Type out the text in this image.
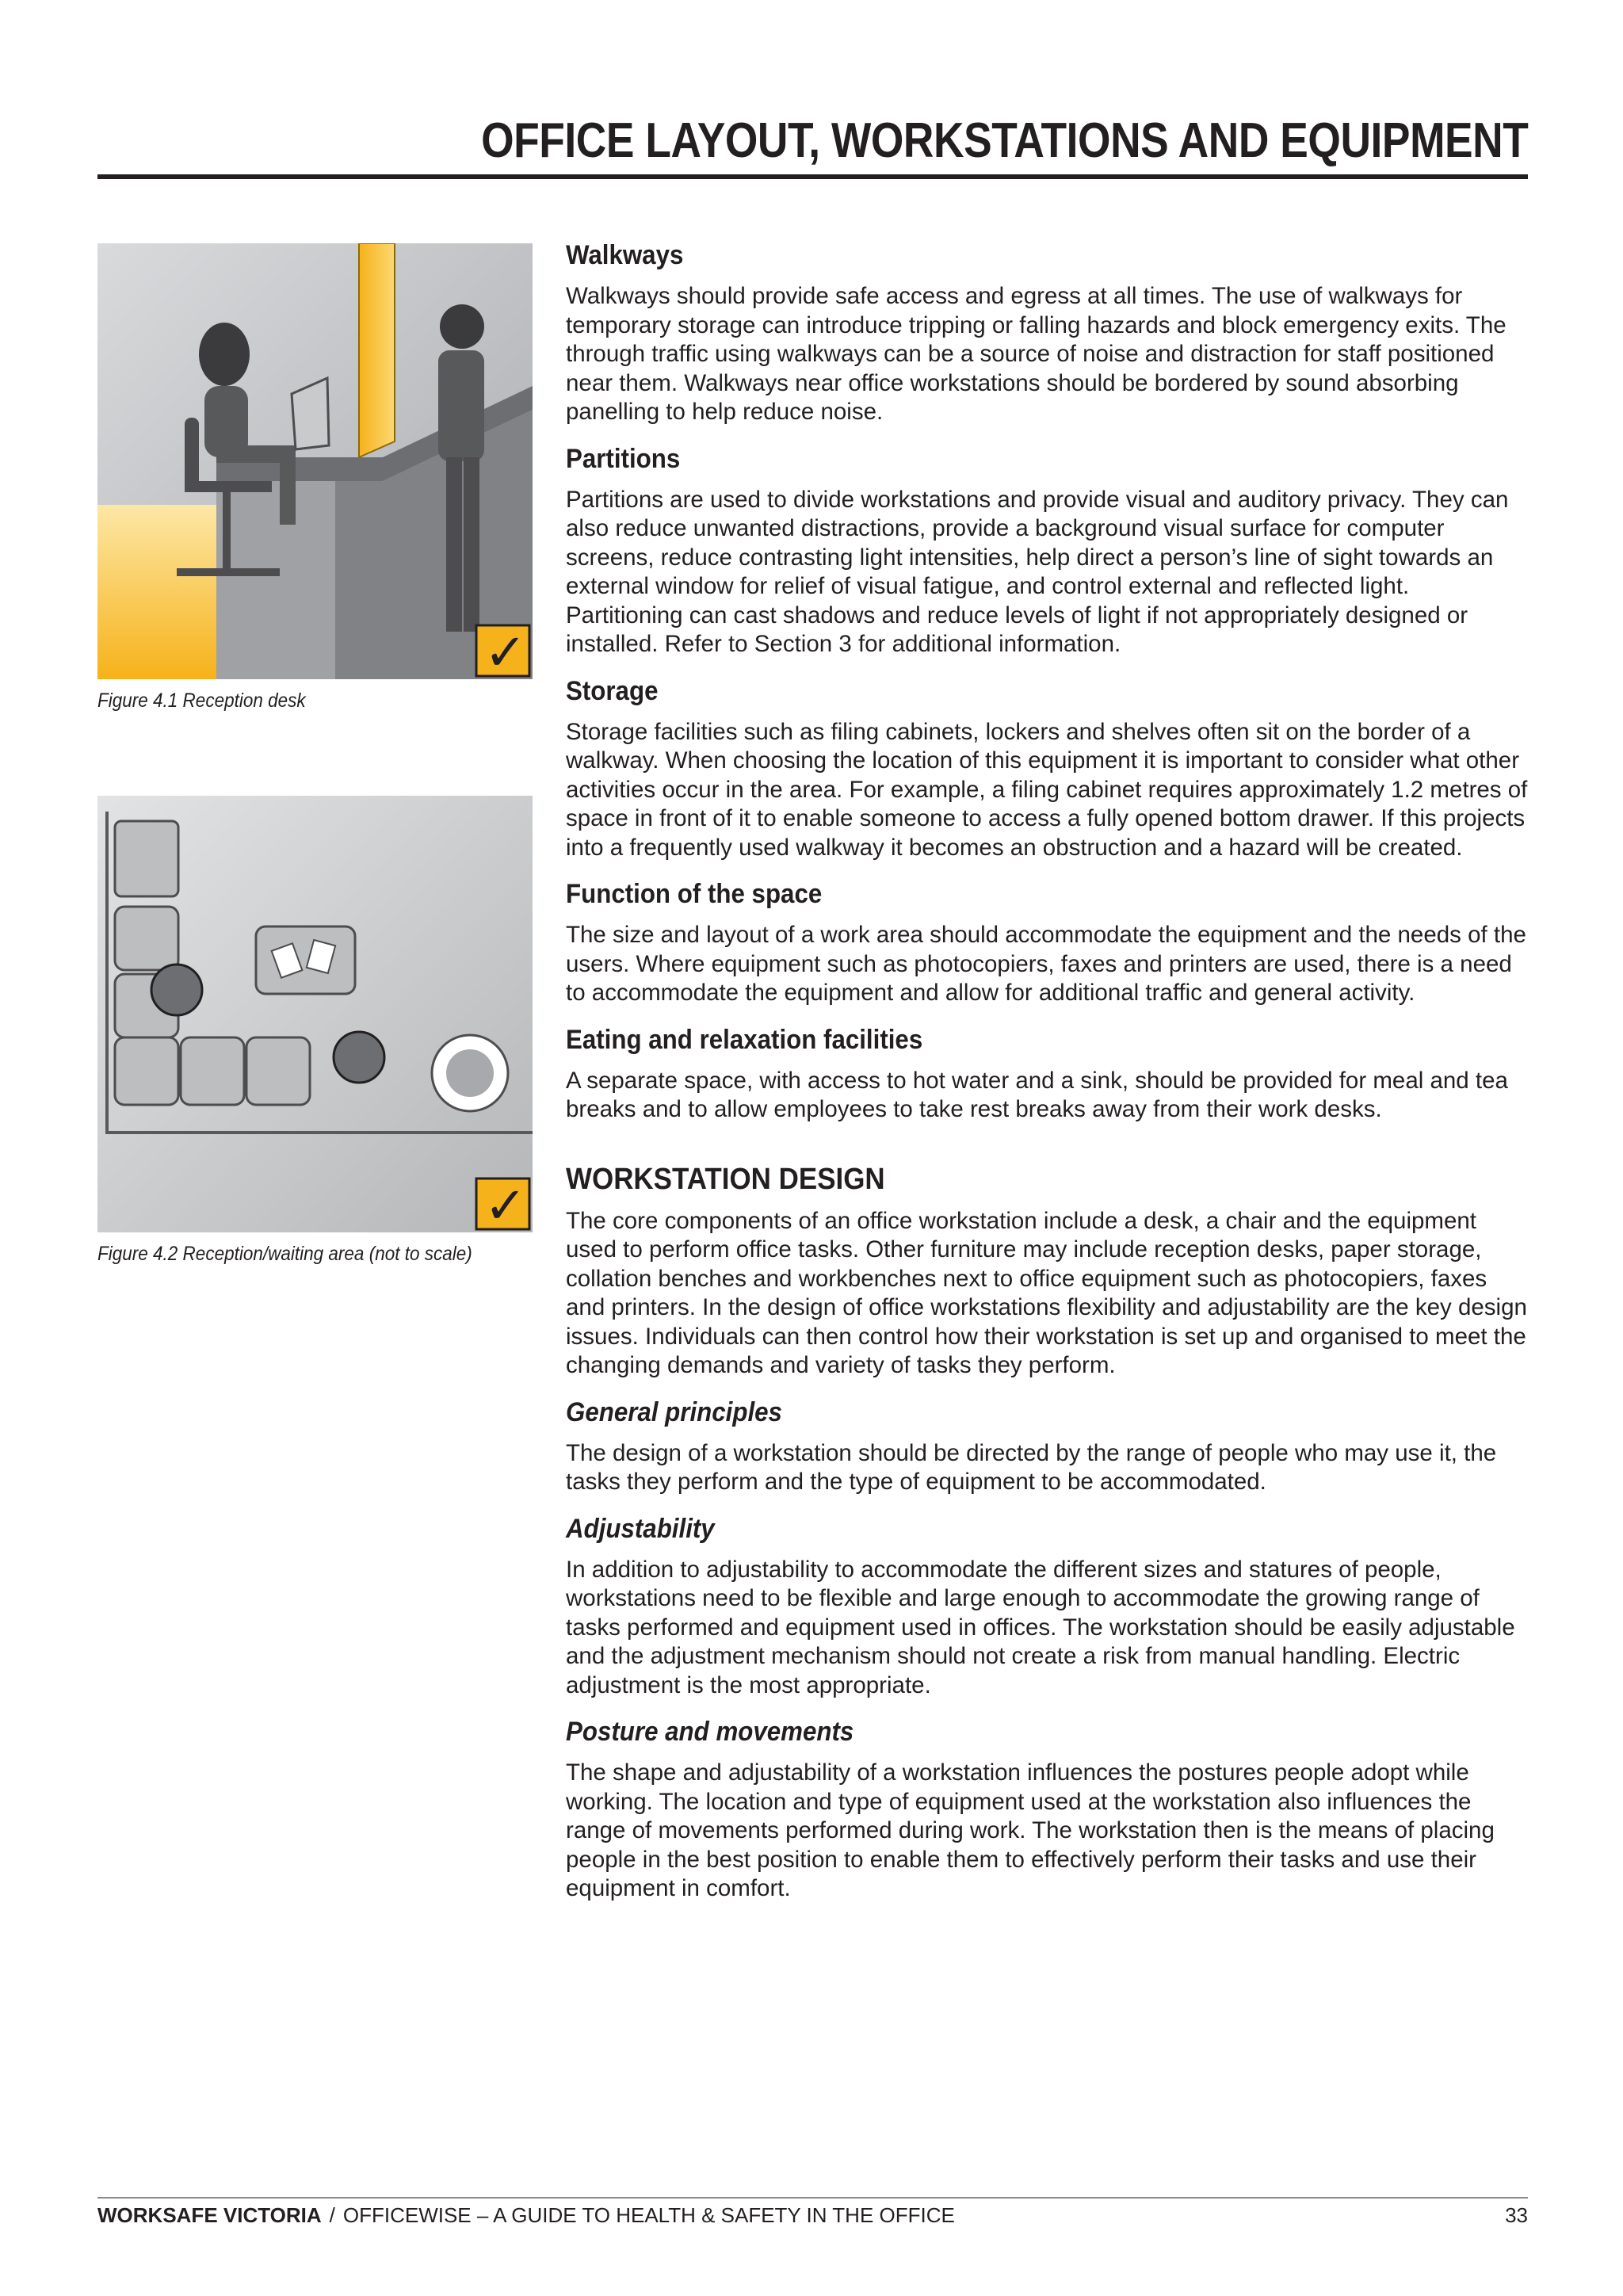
OFFICE LAYOUT, WORKSTATIONS AND EQUIPMENT
✓
Figure 4.1 Reception desk
✓
Figure 4.2 Reception/waiting area (not to scale)
Walkways

Walkways should provide safe access and egress at all times. The use of walkways for temporary storage can introduce tripping or falling hazards and block emergency exits. The through traffic using walkways can be a source of noise and distraction for staff positioned near them. Walkways near office workstations should be bordered by sound absorbing panelling to help reduce noise.

Partitions

Partitions are used to divide workstations and provide visual and auditory privacy. They can also reduce unwanted distractions, provide a background visual surface for computer screens, reduce contrasting light intensities, help direct a person’s line of sight towards an external window for relief of visual fatigue, and control external and reflected light. Partitioning can cast shadows and reduce levels of light if not appropriately designed or installed. Refer to Section 3 for additional information.

Storage

Storage facilities such as filing cabinets, lockers and shelves often sit on the border of a walkway. When choosing the location of this equipment it is important to consider what other activities occur in the area. For example, a filing cabinet requires approximately 1.2 metres of space in front of it to enable someone to access a fully opened bottom drawer. If this projects into a frequently used walkway it becomes an obstruction and a hazard will be created.

Function of the space

The size and layout of a work area should accommodate the equipment and the needs of the users. Where equipment such as photocopiers, faxes and printers are used, there is a need to accommodate the equipment and allow for additional traffic and general activity.

Eating and relaxation facilities

A separate space, with access to hot water and a sink, should be provided for meal and tea breaks and to allow employees to take rest breaks away from their work desks.

WORKSTATION DESIGN

The core components of an office workstation include a desk, a chair and the equipment used to perform office tasks. Other furniture may include reception desks, paper storage, collation benches and workbenches next to office equipment such as photocopiers, faxes and printers. In the design of office workstations flexibility and adjustability are the key design issues. Individuals can then control how their workstation is set up and organised to meet the changing demands and variety of tasks they perform.

General principles

The design of a workstation should be directed by the range of people who may use it, the tasks they perform and the type of equipment to be accommodated.

Adjustability

In addition to adjustability to accommodate the different sizes and statures of people, workstations need to be flexible and large enough to accommodate the growing range of tasks performed and equipment used in offices. The workstation should be easily adjustable and the adjustment mechanism should not create a risk from manual handling. Electric adjustment is the most appropriate.

Posture and movements

The shape and adjustability of a workstation influences the postures people adopt while working. The location and type of equipment used at the workstation also influences the range of movements performed during work. The workstation then is the means of placing people in the best position to enable them to effectively perform their tasks and use their equipment in comfort.

WORKSAFE VICTORIA / OFFICEWISE – A GUIDE TO HEALTH & SAFETY IN THE OFFICE	33
